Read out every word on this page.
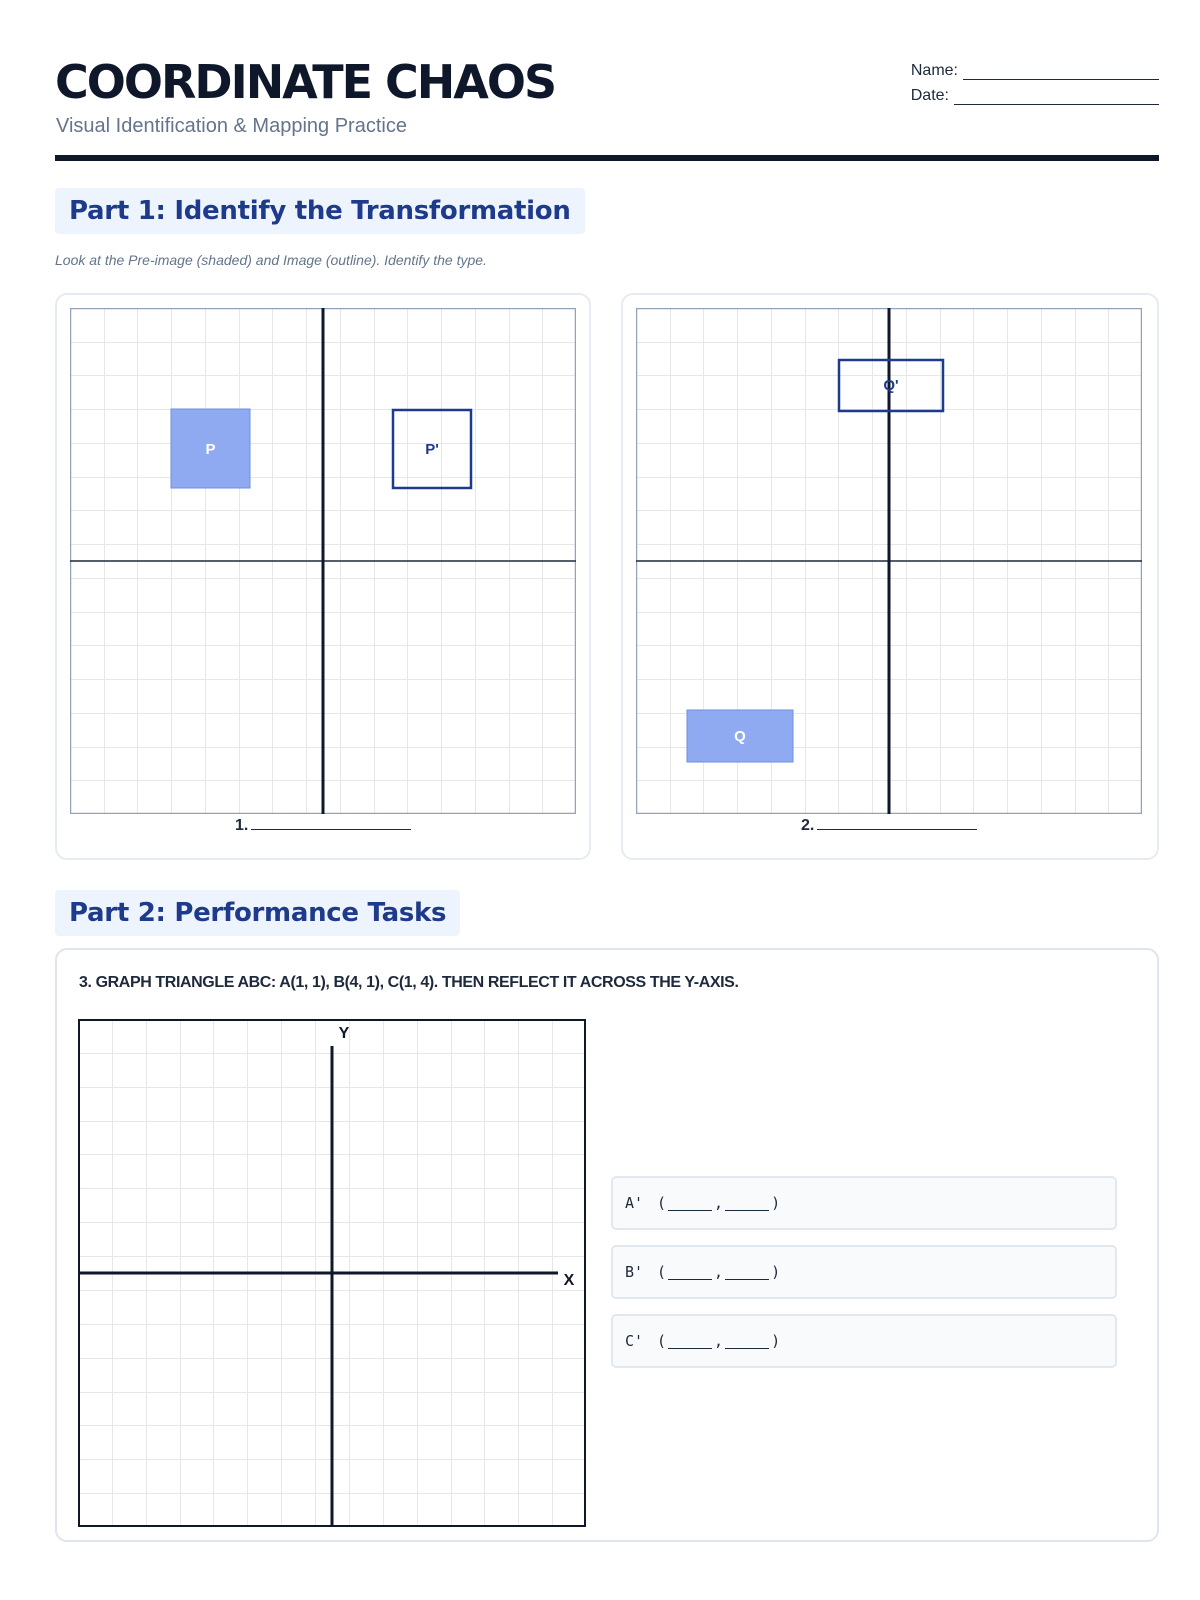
COORDINATE CHAOS
Visual Identification & Mapping Practice
Name:
Date:
Part 1: Identify the Transformation
Look at the Pre-image (shaded) and Image (outline). Identify the type.
P	P'
1.
Q
Q'
2.
Part 2: Performance Tasks
3. GRAPH TRIANGLE ABC: A(1, 1), B(4, 1), C(1, 4). THEN REFLECT IT ACROSS THE Y-AXIS.
X
Y
A' (	,	)
B' (	,	)
C' (	,	)
